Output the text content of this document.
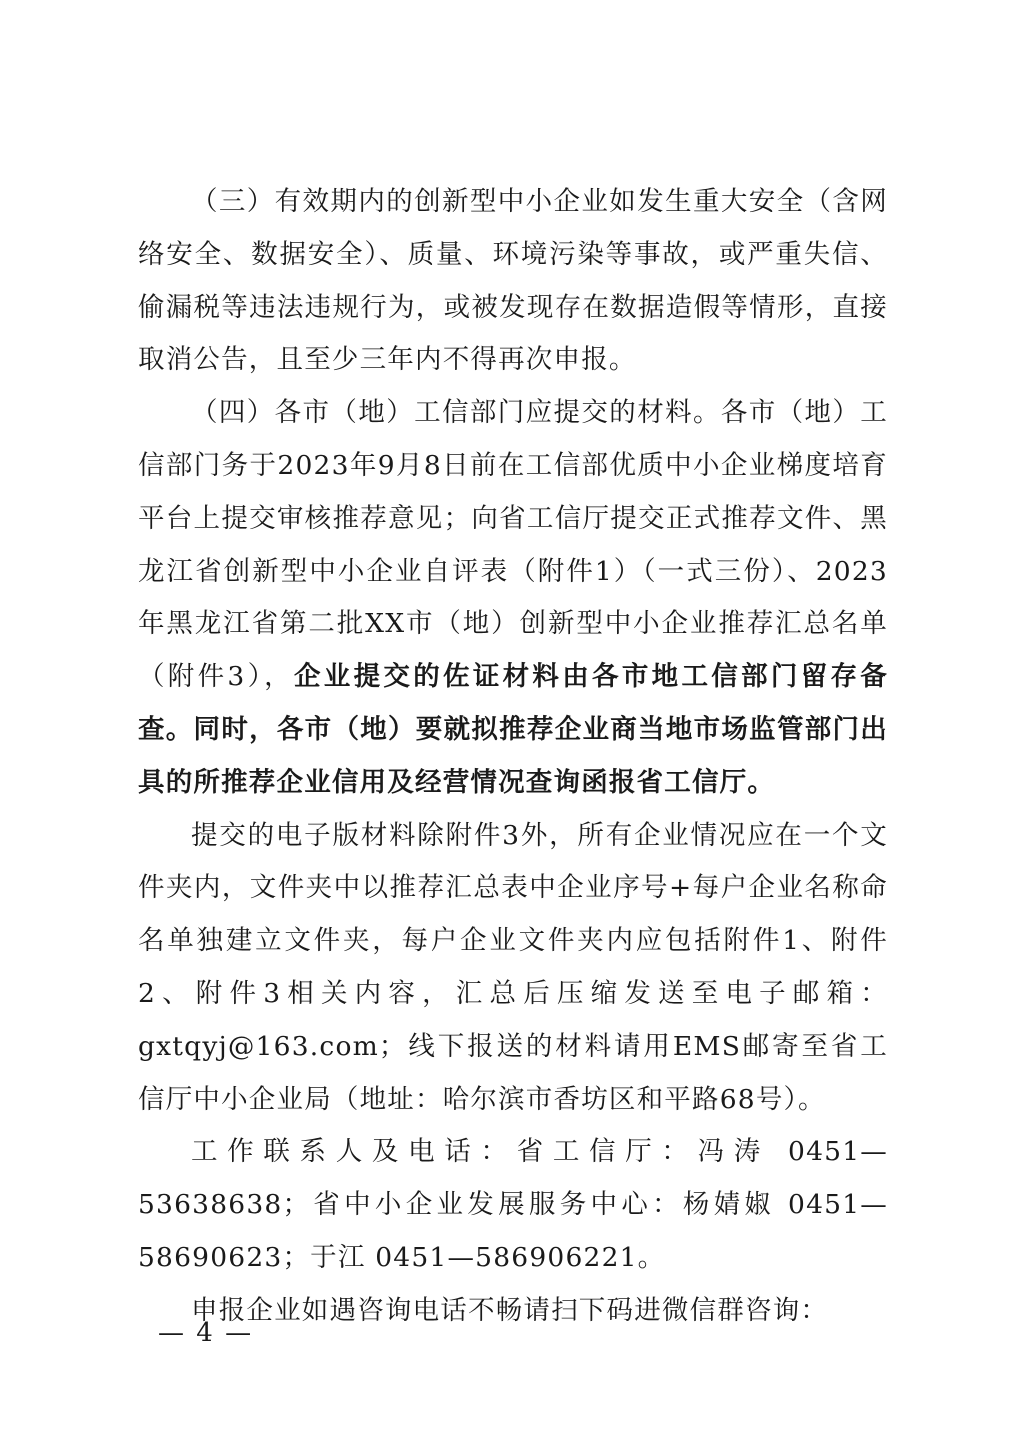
（三）有效期内的创新型中小企业如发生重大安全（含网络安全、数据安全）、质量、环境污染等事故，或严重失信、偷漏税等违法违规行为，或被发现存在数据造假等情形，直接取消公告，且至少三年内不得再次申报。

（四）各市（地）工信部门应提交的材料。各市（地）工信部门务于2023年9月8日前在工信部优质中小企业梯度培育平台上提交审核推荐意见；向省工信厅提交正式推荐文件、黑龙江省创新型中小企业自评表（附件1）（一式三份）、2023年黑龙江省第二批XX市（地）创新型中小企业推荐汇总名单（附件3），企业提交的佐证材料由各市地工信部门留存备查。同时，各市（地）要就拟推荐企业商当地市场监管部门出具的所推荐企业信用及经营情况查询函报省工信厅。

提交的电子版材料除附件3外，所有企业情况应在一个文件夹内，文件夹中以推荐汇总表中企业序号+每户企业名称命名单独建立文件夹，每户企业文件夹内应包括附件1、附件2、附件3相关内容，汇总后压缩发送至电子邮箱：gxtqyj@163.com；线下报送的材料请用EMS邮寄至省工信厅中小企业局（地址：哈尔滨市香坊区和平路68号）。

工作联系人及电话：省工信厅：冯涛 0451—53638638；省中小企业发展服务中心：杨婧婌 0451—58690623；于江 0451—586906221。

申报企业如遇咨询电话不畅请扫下码进微信群咨询：

— 4 —
